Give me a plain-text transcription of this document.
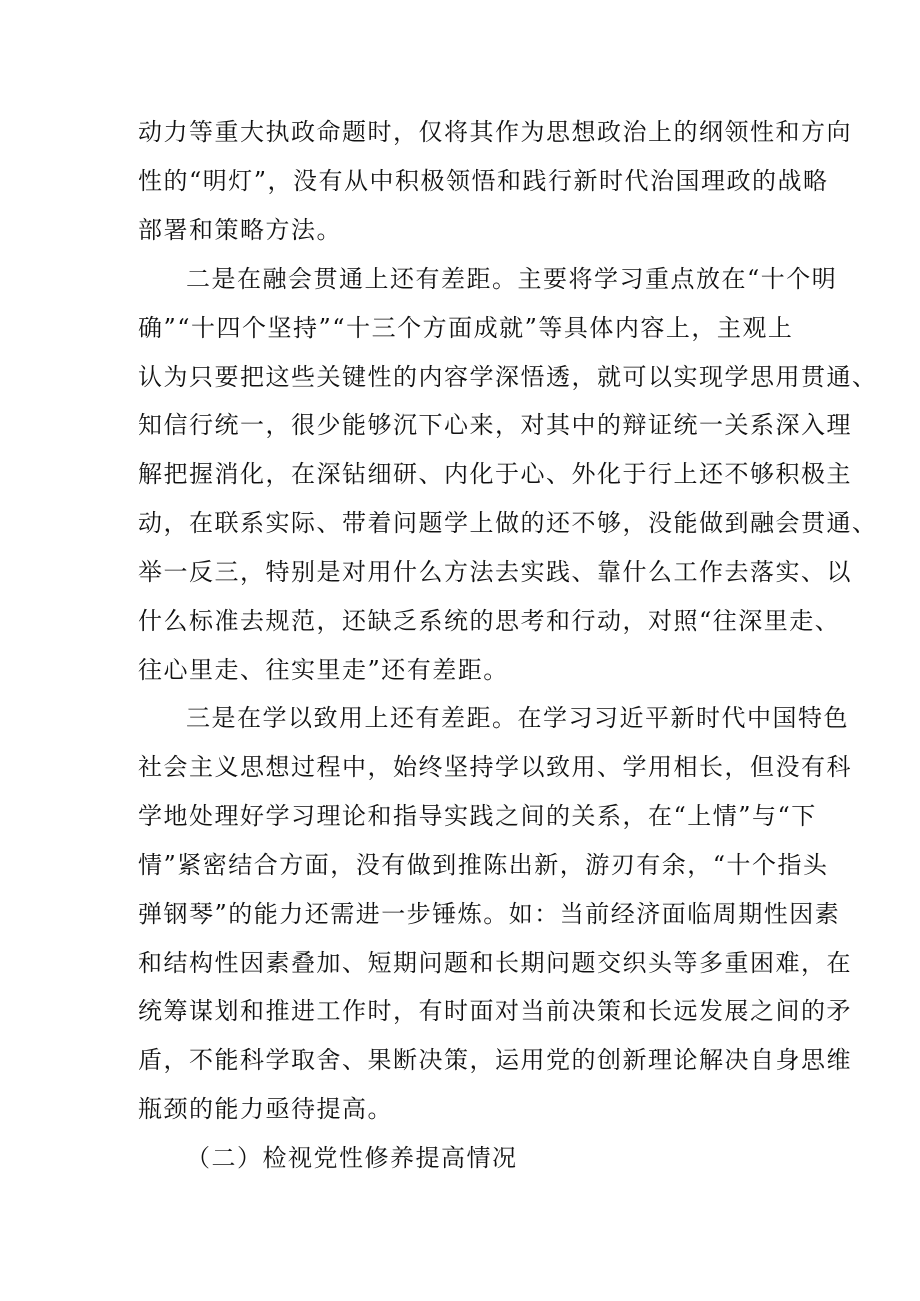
动力等重大执政命题时，仅将其作为思想政治上的纲领性和方向
性的“明灯”，没有从中积极领悟和践行新时代治国理政的战略
部署和策略方法。
二是在融会贯通上还有差距。主要将学习重点放在“十个明
确”“十四个坚持”“十三个方面成就”等具体内容上，主观上
认为只要把这些关键性的内容学深悟透，就可以实现学思用贯通、
知信行统一，很少能够沉下心来，对其中的辩证统一关系深入理
解把握消化，在深钻细研、内化于心、外化于行上还不够积极主
动，在联系实际、带着问题学上做的还不够，没能做到融会贯通、
举一反三，特别是对用什么方法去实践、靠什么工作去落实、以
什么标准去规范，还缺乏系统的思考和行动，对照“往深里走、
往心里走、往实里走”还有差距。
三是在学以致用上还有差距。在学习习近平新时代中国特色
社会主义思想过程中，始终坚持学以致用、学用相长，但没有科
学地处理好学习理论和指导实践之间的关系，在“上情”与“下
情”紧密结合方面，没有做到推陈出新，游刃有余，“十个指头
弹钢琴”的能力还需进一步锤炼。如：当前经济面临周期性因素
和结构性因素叠加、短期问题和长期问题交织头等多重困难，在
统筹谋划和推进工作时，有时面对当前决策和长远发展之间的矛
盾，不能科学取舍、果断决策，运用党的创新理论解决自身思维
瓶颈的能力亟待提高。
（二）检视党性修养提高情况
